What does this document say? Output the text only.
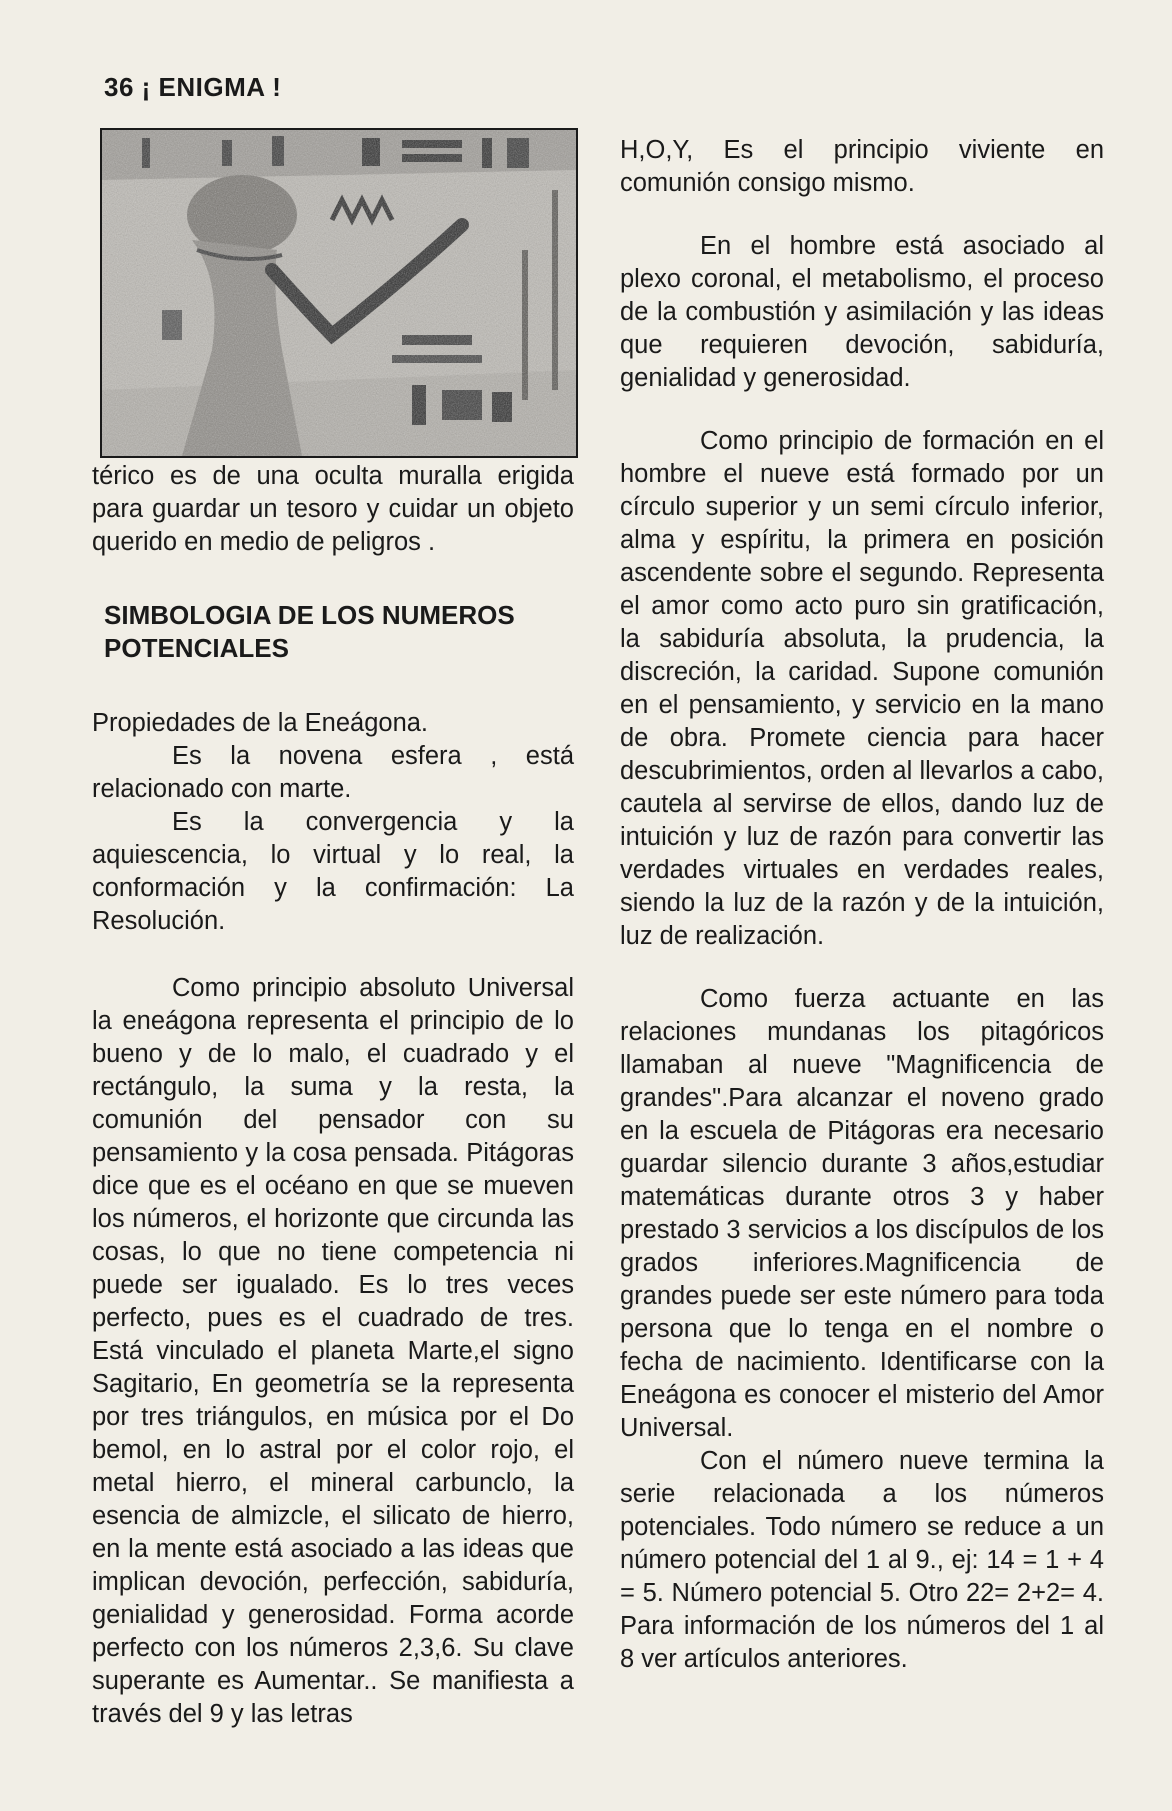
36 ¡ ENIGMA !

térico es de una oculta muralla erigida para guardar un tesoro y cuidar un objeto querido en medio de peligros .

SIMBOLOGIA DE LOS NUMEROS
POTENCIALES

Propiedades de la Eneágona.

Es la novena esfera , está relacionado con marte.

Es la convergencia y la aquiescencia, lo virtual y lo real, la conformación y la confirmación: La Resolución.

Como principio absoluto Universal la eneágona representa el principio de lo bueno y de lo malo, el cuadrado y el rectángulo, la suma y la resta, la comunión del pensador con su pensamiento y la cosa pensada. Pitágoras dice que es el océano en que se mueven los números, el horizonte que circunda las cosas, lo que no tiene competencia ni puede ser igualado. Es lo tres veces perfecto, pues es el cuadrado de tres. Está vinculado el planeta Marte,el signo Sagitario, En geometría se la representa por tres triángulos, en música por el Do bemol, en lo astral por el color rojo, el metal hierro, el mineral carbunclo, la esencia de almizcle, el silicato de hierro, en la mente está asociado a las ideas que implican devoción, perfección, sabiduría, genialidad y generosidad. Forma acorde perfecto con los números 2,3,6. Su clave superante es Aumentar.. Se manifiesta a través del 9 y las letras

H,O,Y, Es el principio viviente en comunión consigo mismo.

En el hombre está asociado al plexo coronal, el metabolismo, el proceso de la combustión y asimilación y las ideas que requieren devoción, sabiduría, genialidad y generosidad.

Como principio de formación en el hombre el nueve está formado por un círculo superior y un semi círculo inferior, alma y espíritu, la primera en posición ascendente sobre el segundo. Representa el amor como acto puro sin gratificación, la sabiduría absoluta, la prudencia, la discreción, la caridad. Supone comunión en el pensamiento, y servicio en la mano de obra. Promete ciencia para hacer descubrimientos, orden al llevarlos a cabo, cautela al servirse de ellos, dando luz de intuición y luz de razón para convertir las verdades virtuales en verdades reales, siendo la luz de la razón y de la intuición, luz de realización.

Como fuerza actuante en las relaciones mundanas los pitagóricos llamaban al nueve "Magnificencia de grandes".Para alcanzar el noveno grado en la escuela de Pitágoras era necesario guardar silencio durante 3 años,estudiar matemáticas durante otros 3 y haber prestado 3 servicios a los discípulos de los grados inferiores.Magnificencia de grandes puede ser este número para toda persona que lo tenga en el nombre o fecha de nacimiento. Identificarse con la Eneágona es conocer el misterio del Amor Universal.

Con el número nueve termina la serie relacionada a los números potenciales. Todo número se reduce a un número potencial del 1 al 9., ej: 14 = 1 + 4 = 5. Número potencial 5. Otro 22= 2+2= 4. Para información de los números del 1 al 8 ver artículos anteriores.
